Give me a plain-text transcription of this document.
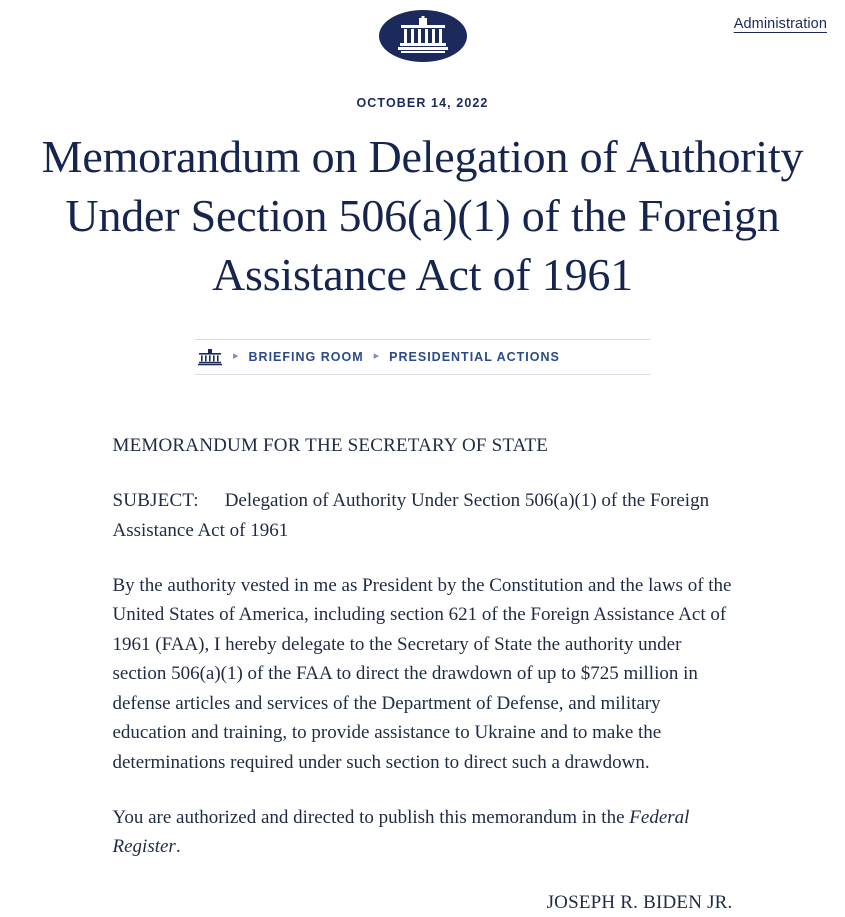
Administration
OCTOBER 14, 2022
Memorandum on Delegation of Authority Under Section 506(a)(1) of the Foreign Assistance Act of 1961
▸ BRIEFING ROOM ▸ PRESIDENTIAL ACTIONS

MEMORANDUM FOR THE SECRETARY OF STATE

SUBJECT: Delegation of Authority Under Section 506(a)(1) of the Foreign Assistance Act of 1961

By the authority vested in me as President by the Constitution and the laws of the United States of America, including section 621 of the Foreign Assistance Act of 1961 (FAA), I hereby delegate to the Secretary of State the authority under section 506(a)(1) of the FAA to direct the drawdown of up to $725 million in defense articles and services of the Department of Defense, and military education and training, to provide assistance to Ukraine and to make the determinations required under such section to direct such a drawdown.

You are authorized and directed to publish this memorandum in the Federal Register.

JOSEPH R. BIDEN JR.
